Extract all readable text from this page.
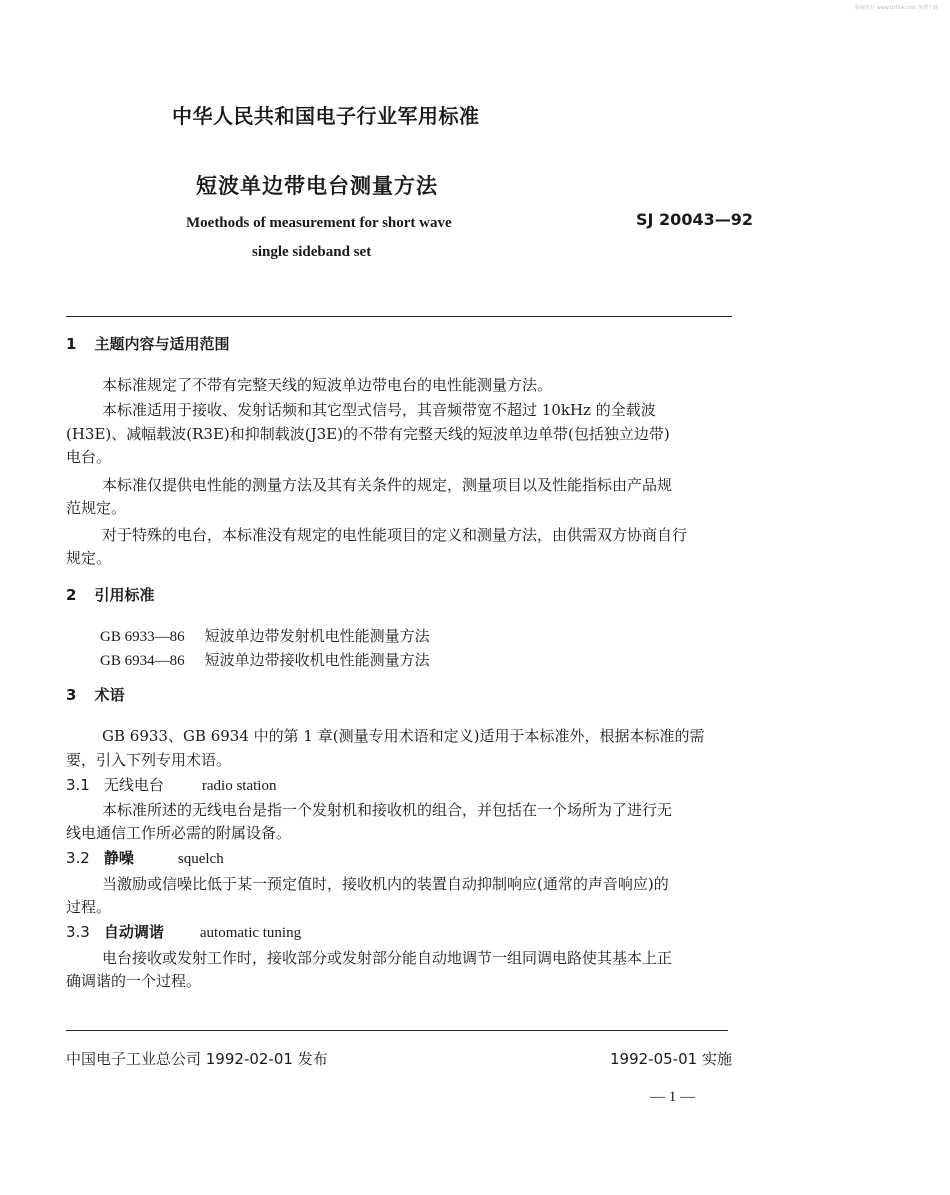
版权所有 www.bzfxw.com 免费下载
中华人民共和国电子行业军用标准
短波单边带电台测量方法
Moethods of measurement for short wave
single sideband set
SJ 20043—92
1 主题内容与适用范围
本标准规定了不带有完整天线的短波单边带电台的电性能测量方法。
本标准适用于接收、发射话频和其它型式信号，其音频带宽不超过 10kHz 的全载波
(H3E)、减幅载波(R3E)和抑制载波(J3E)的不带有完整天线的短波单边单带(包括独立边带)
电台。
本标准仅提供电性能的测量方法及其有关条件的规定，测量项目以及性能指标由产品规
范规定。
对于特殊的电台，本标准没有规定的电性能项目的定义和测量方法，由供需双方协商自行
规定。
2 引用标准
GB 6933—86 短波单边带发射机电性能测量方法
GB 6934—86 短波单边带接收机电性能测量方法
3 术语
GB 6933、GB 6934 中的第 1 章(测量专用术语和定义)适用于本标准外，根据本标准的需
要，引入下列专用术语。
3.1 无线电台	radio station
本标准所述的无线电台是指一个发射机和接收机的组合，并包括在一个场所为了进行无
线电通信工作所必需的附属设备。
3.2 静噪	squelch
当激励或信噪比低于某一预定值时，接收机内的装置自动抑制响应(通常的声音响应)的
过程。
3.3 自动调谐 automatic tuning
电台接收或发射工作时，接收部分或发射部分能自动地调节一组同调电路使其基本上正
确调谐的一个过程。
中国电子工业总公司 1992-02-01 发布	1992-05-01 实施
— 1 —
